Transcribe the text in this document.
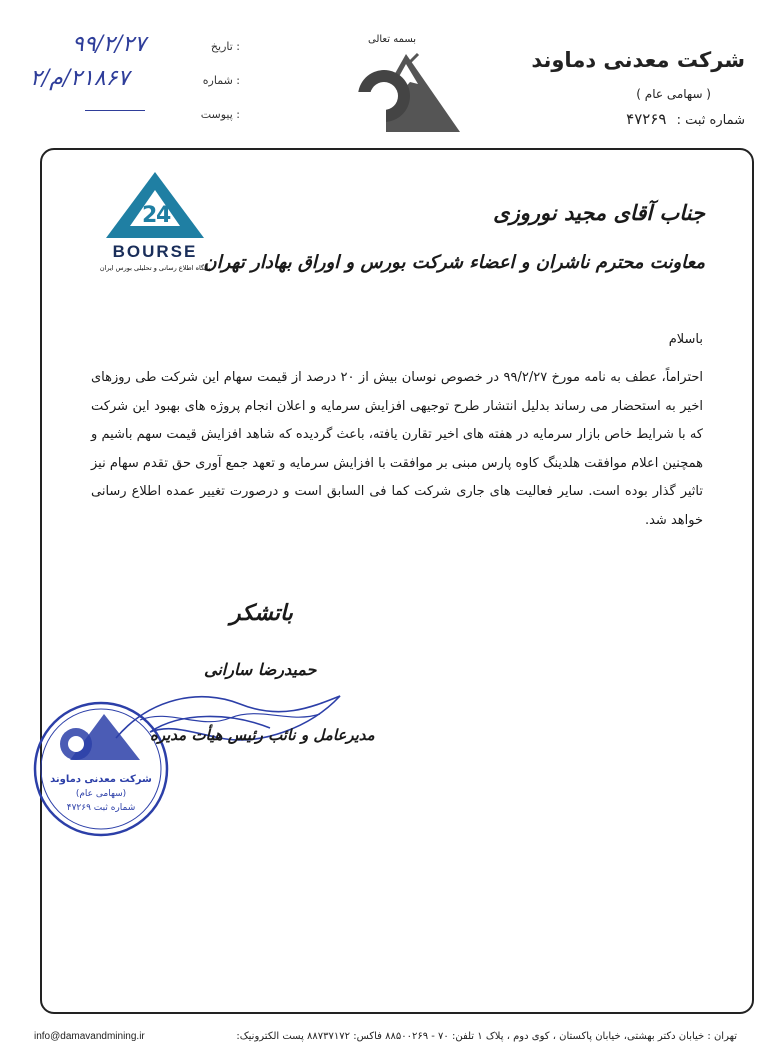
شرکت معدنی دماوند
( سهامی عام )
شماره ثبت : ۴۷۲۶۹
بسمه تعالی
۹۹/۲/۲۷	: تاریخ
۲۱۸۶۷/م/۲	: شماره
: پیوست
2
4
BOURSE
پایگاه اطلاع رسانی و تحلیلی بورس ایران
جناب آقای مجید نوروزی
معاونت محترم ناشران و اعضاء شرکت بورس و اوراق بهادار تهران
باسلام

احتراماً، عطف به نامه مورخ ۹۹/۲/۲۷ در خصوص نوسان بیش از ۲۰ درصد از قیمت سهام این شرکت طی روزهای اخیر به استحضار می رساند بدلیل انتشار طرح توجیهی افزایش سرمایه و اعلان انجام پروژه های بهبود این شرکت که با شرایط خاص بازار سرمایه در هفته های اخیر تقارن یافته، باعث گردیده که شاهد افزایش قیمت سهم باشیم و همچنین اعلام موافقت هلدینگ کاوه پارس مبنی بر موافقت با افزایش سرمایه و تعهد جمع آوری حق تقدم سهام نیز تاثیر گذار بوده است. سایر فعالیت های جاری شرکت کما فی السابق است و درصورت تغییر عمده اطلاع رسانی خواهد شد.

شرکت معدنی دماوند
(سهامی عام)
شماره ثبت ۴۷۲۶۹
باتشکر
حمیدرضا سارانی
مدیرعامل و نائب رئیس هیأت مدیره
تهران : خیابان دکتر بهشتی، خیابان پاکستان ، کوی دوم ، پلاک ۱ تلفن: ۷۰ - ۸۸۵۰۰۲۶۹ فاکس: ۸۸۷۳۷۱۷۲ پست الکترونیک:
info@damavandmining.ir
